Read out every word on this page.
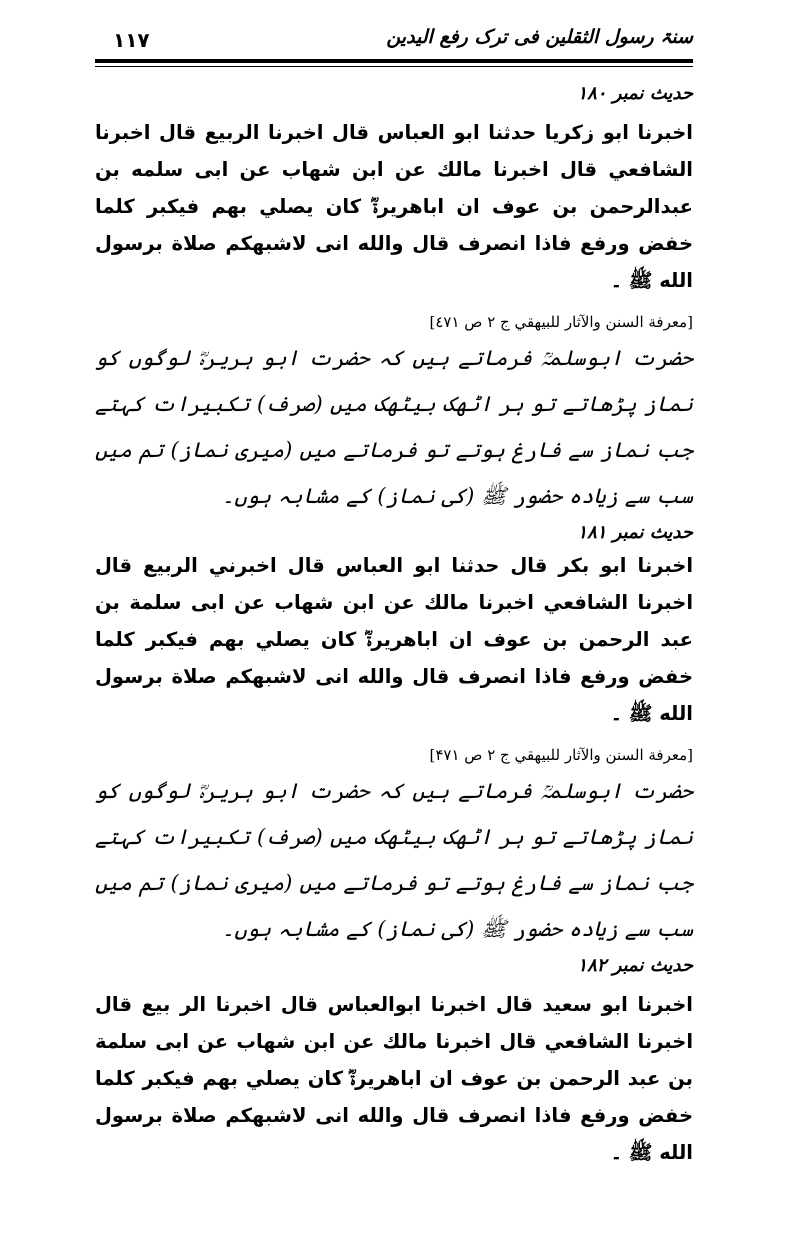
١١٧	سنۃ رسول الثقلین فی ترک رفع الیدین

حدیث نمبر ۱۸۰

اخبرنا ابو زكريا حدثنا ابو العباس قال اخبرنا الربيع قال اخبرنا الشافعي قال اخبرنا مالك عن ابن شهاب عن ابى سلمه بن عبدالرحمن بن عوف ان اباهريرةؓ كان يصلي بهم فيكبر كلما خفض ورفع فاذا انصرف قال والله انى لاشبهكم صلاة برسول الله ﷺ ۔

[معرفة السنن والآثار للبيهقي ج ٢ ص ٤٧١]

حضرت ابوسلمہؒ فرماتے ہیں کہ حضرت ابو ہریرہؓ لوگوں کو نماز پڑھاتے تو ہر اٹھک بیٹھک میں (صرف) تکبیرات کہتے جب نماز سے فارغ ہوتے تو فرماتے میں (میری نماز) تم میں سب سے زیادہ حضور ﷺ (کی نماز) کے مشابہ ہوں۔

حدیث نمبر ۱۸۱

اخبرنا ابو بكر قال حدثنا ابو العباس قال اخبرني الربيع قال اخبرنا الشافعي اخبرنا مالك عن ابن شهاب عن ابى سلمة بن عبد الرحمن بن عوف ان اباهريرةؓ كان يصلي بهم فيكبر كلما خفض ورفع فاذا انصرف قال والله انى لاشبهكم صلاة برسول الله ﷺ ۔

[معرفة السنن والآثار للبيهقي ج ۲ ص ۴۷۱]

حضرت ابوسلمہؒ فرماتے ہیں کہ حضرت ابو ہریرہؓ لوگوں کو نماز پڑھاتے تو ہر اٹھک بیٹھک میں (صرف) تکبیرات کہتے جب نماز سے فارغ ہوتے تو فرماتے میں (میری نماز) تم میں سب سے زیادہ حضور ﷺ (کی نماز) کے مشابہ ہوں۔

حدیث نمبر ۱۸۲

اخبرنا ابو سعيد قال اخبرنا ابوالعباس قال اخبرنا الر بيع قال اخبرنا الشافعي قال اخبرنا مالك عن ابن شهاب عن ابى سلمة بن عبد الرحمن بن عوف ان اباهريرةؓ كان يصلي بهم فيكبر كلما خفض ورفع فاذا انصرف قال والله انى لاشبهكم صلاة برسول الله ﷺ ۔
